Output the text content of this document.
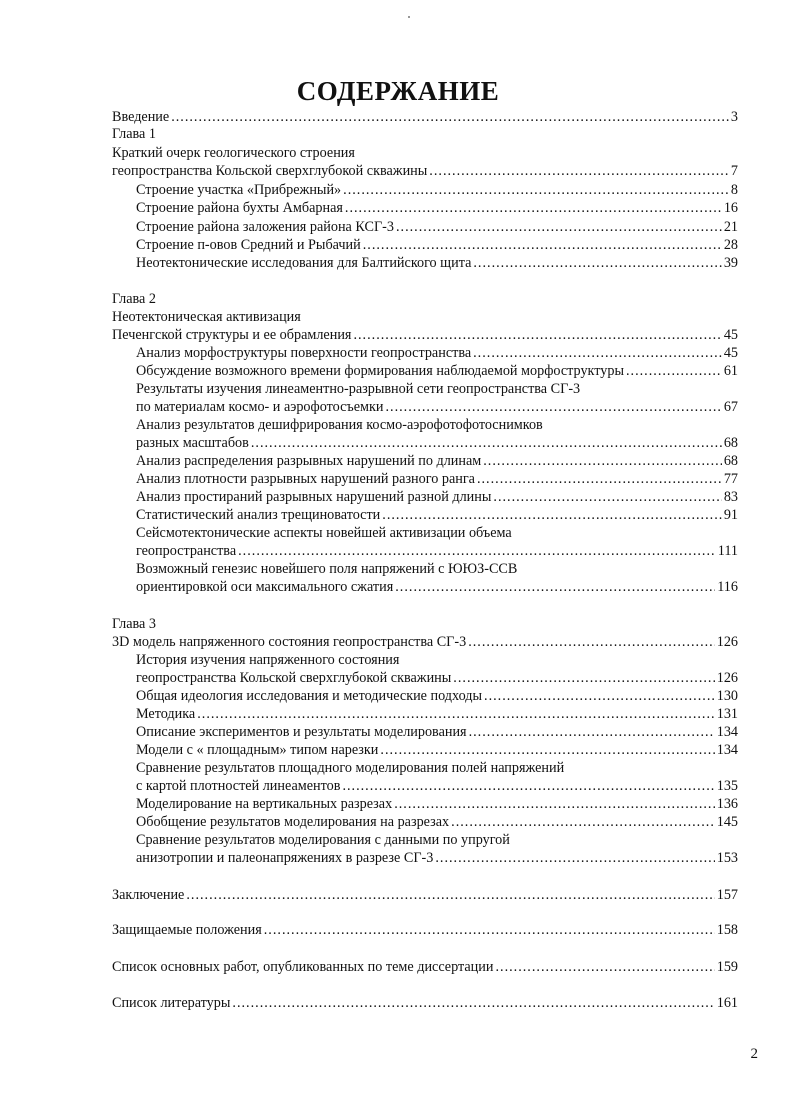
СОДЕРЖАНИЕ
Введение .....	3
Глава 1
Краткий очерк геологического строения
геопространства Кольской сверхглубокой скважины .....	7
Строение участка «Прибрежный» .....	8
Строение района бухты Амбарная .....	16
Строение района заложения района КСГ-3 .....	21
Строение п-овов Средний и Рыбачий .....	28
Неотектонические исследования для Балтийского щита .....	39
Глава 2
Неотектоническая активизация
Печенгской структуры и ее обрамления .....	45
Анализ морфоструктуры поверхности геопространства .....	45
Обсуждение возможного времени формирования наблюдаемой морфоструктуры .....	61
Результаты изучения линеаментно-разрывной сети геопространства СГ-3
по материалам космо- и аэрофотосъемки .....	67
Анализ результатов дешифрирования космо-аэрофотофотоснимков
разных масштабов .....	68
Анализ распределения разрывных нарушений по длинам .....	68
Анализ плотности разрывных нарушений разного ранга .....	77
Анализ простираний разрывных нарушений разной длины .....	83
Статистический анализ трещиноватости .....	91
Сейсмотектонические аспекты новейшей активизации объема
геопространства .....	111
Возможный генезис новейшего поля напряжений с ЮЮЗ-ССВ
ориентировкой оси максимального сжатия .....	116
Глава 3
3D модель напряженного состояния геопространства СГ-3 .....	126
История изучения напряженного состояния
геопространства Кольской сверхглубокой скважины .....	126
Общая идеология исследования и методические подходы .....	130
Методика .....	131
Описание экспериментов и результаты моделирования .....	134
Модели с « площадным» типом нарезки .....	134
Сравнение результатов площадного моделирования полей напряжений
с картой плотностей линеаментов .....	135
Моделирование на вертикальных разрезах .....	136
Обобщение результатов моделирования на разрезах .....	145
Сравнение результатов моделирования с данными по упругой
анизотропии и палеонапряжениях в разрезе СГ-3 .....	153
Заключение .....	157
Защищаемые положения .....	158
Список основных работ, опубликованных по теме диссертации .....	159
Список литературы .....	161
2
